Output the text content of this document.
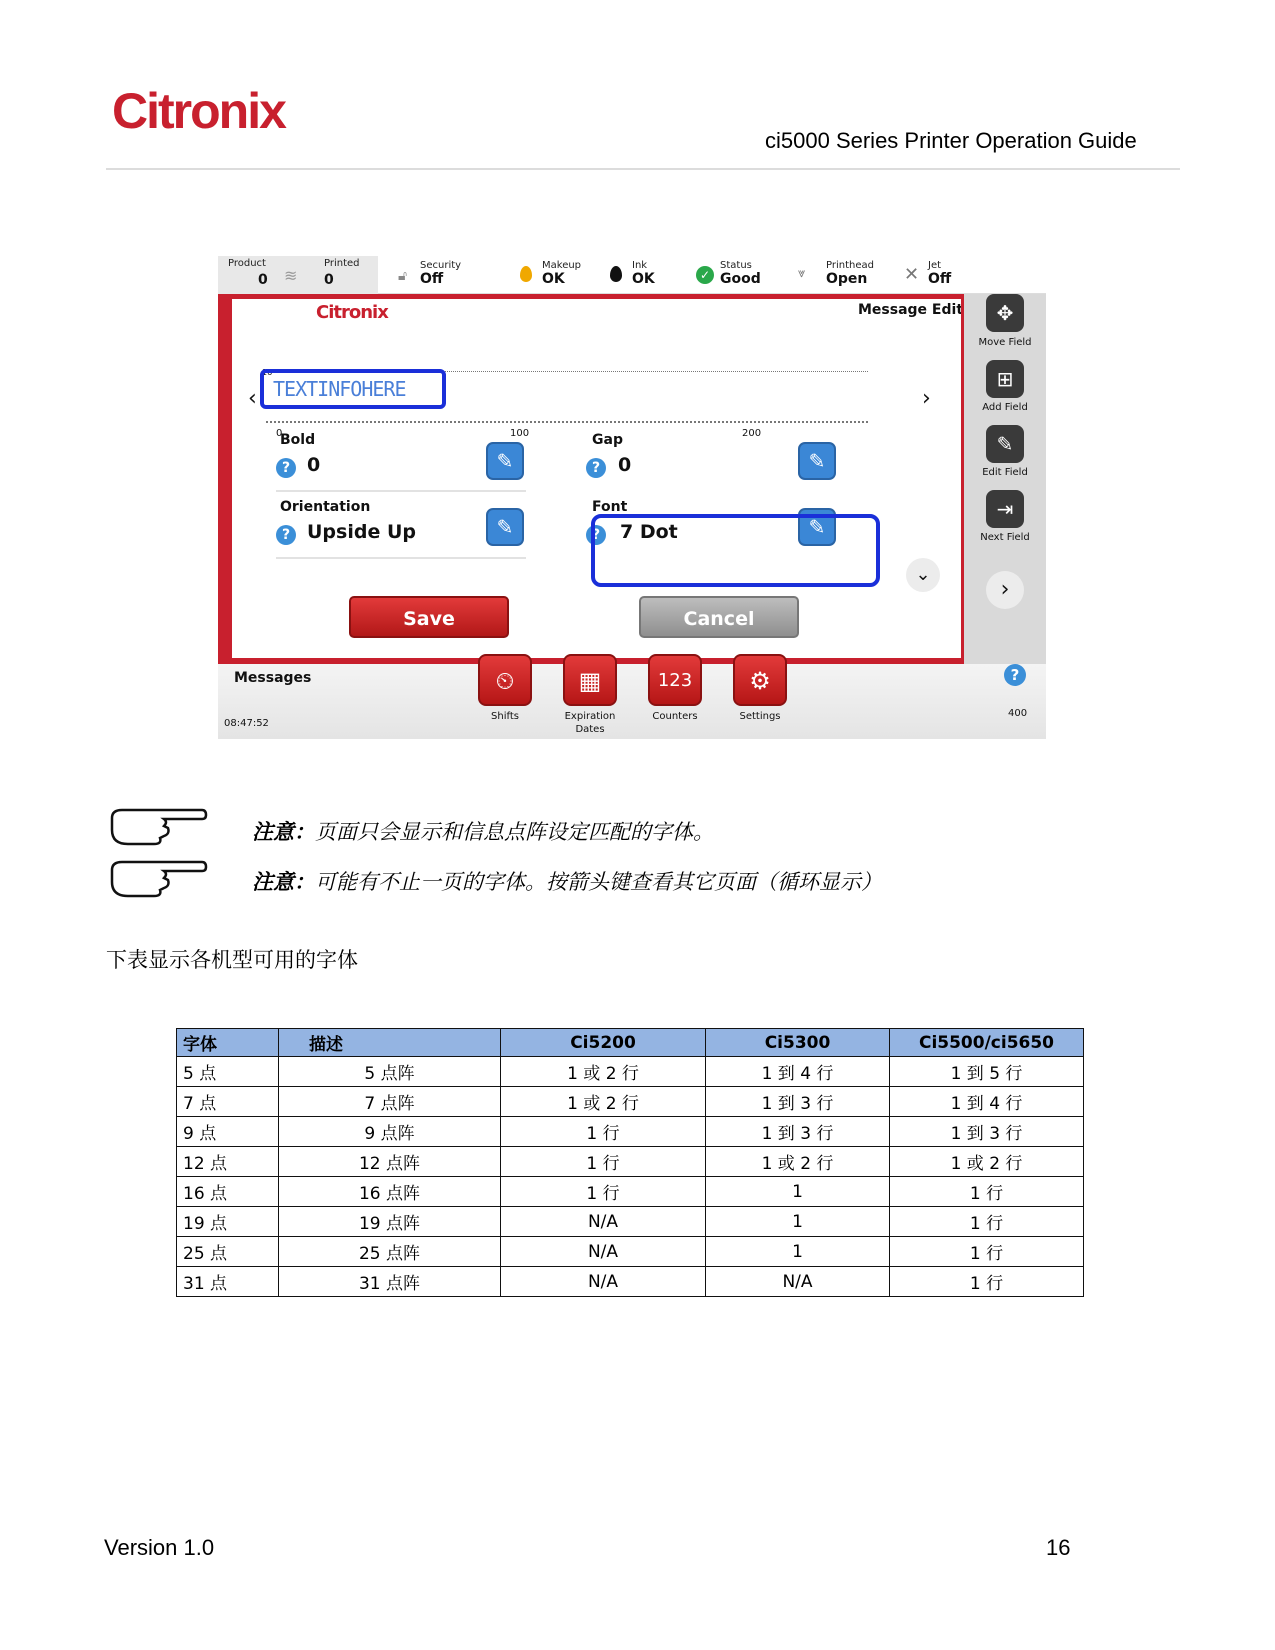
Citronix
ci5000 Series Printer Operation Guide
Product
0 ≋
Printed
0	🔓︎
Security
Off
Makeup
OK
Ink
OK	✓
Status
Good	⩔
Printhead
Open ✕ Jet
Off
Citronix	Message Edit
16
0	100	200
‹	›
TEXTINFOHERE
Bold
? 0	✎
Gap
? 0	✎
Orientation
? Upside Up	✎
Font
?	7 Dot	✎
⌄
Save	Cancel
✥
Move Field
⊞
Add Field
✎
Edit Field
⇥
Next Field
›
Messages
08:47:52
⏲
Shifts
▦
Expiration Dates
123
Counters
⚙
Settings
?
400
注意：页面只会显示和信息点阵设定匹配的字体。
注意：可能有不止一页的字体。按箭头键查看其它页面（循环显示）
下表显示各机型可用的字体
字体	描述	Ci5200	Ci5300	Ci5500/ci5650
5 点	5 点阵	1 或 2 行	1 到 4 行	1 到 5 行
7 点	7 点阵	1 或 2 行	1 到 3 行	1 到 4 行
9 点	9 点阵	1 行	1 到 3 行	1 到 3 行
12 点	12 点阵	1 行	1 或 2 行	1 或 2 行
16 点	16 点阵	1 行	1	1 行
19 点	19 点阵	N/A	1	1 行
25 点	25 点阵	N/A	1	1 行
31 点	31 点阵	N/A	N/A	1 行
Version 1.0	16
